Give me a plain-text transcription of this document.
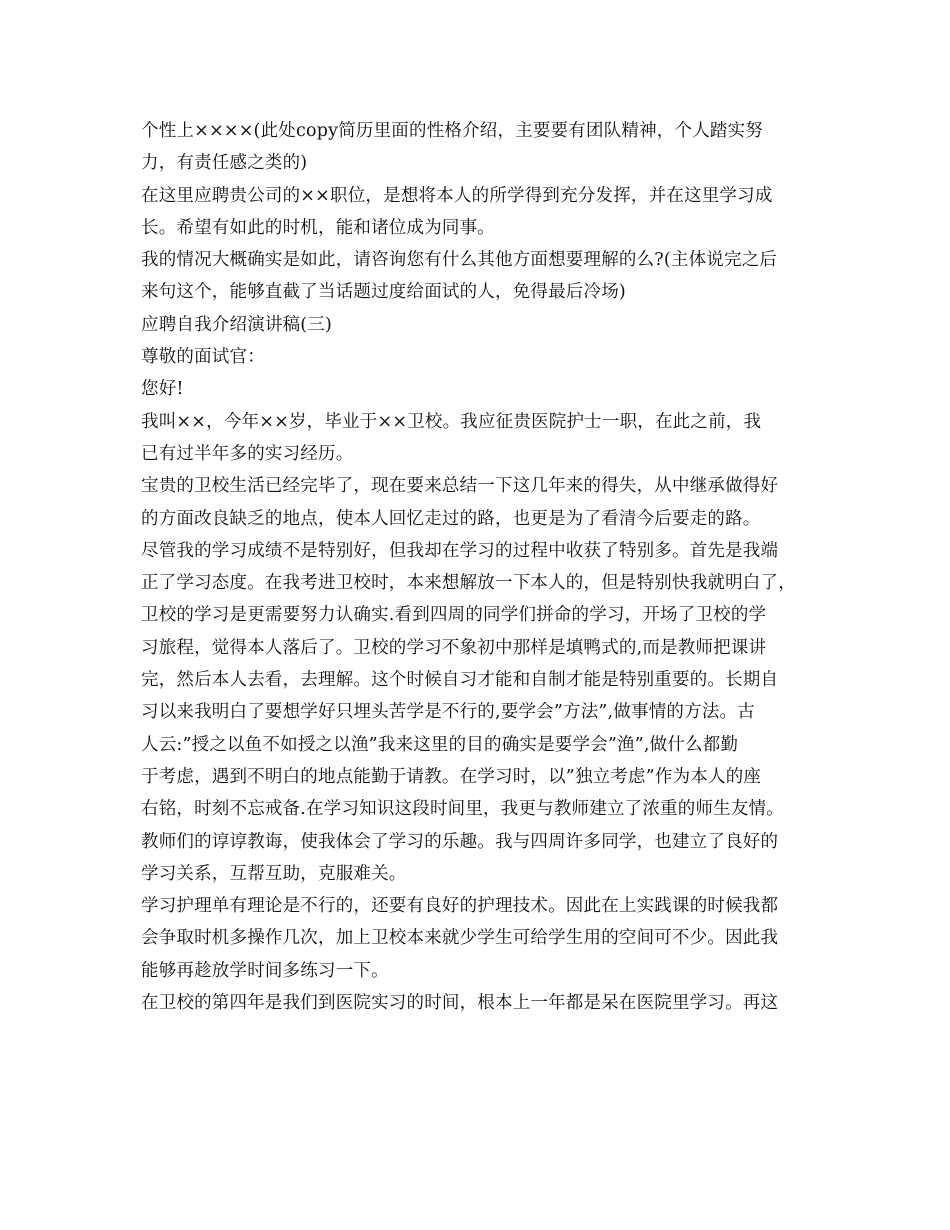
个性上××××(此处copy简历里面的性格介绍，主要要有团队精神，个人踏实努
力，有责任感之类的)
在这里应聘贵公司的××职位，是想将本人的所学得到充分发挥，并在这里学习成
长。希望有如此的时机，能和诸位成为同事。
我的情况大概确实是如此，请咨询您有什么其他方面想要理解的么?(主体说完之后
来句这个，能够直截了当话题过度给面试的人，免得最后冷场)
应聘自我介绍演讲稿(三)
尊敬的面试官：
您好!
我叫××，今年××岁，毕业于××卫校。我应征贵医院护士一职，在此之前，我
已有过半年多的实习经历。
宝贵的卫校生活已经完毕了，现在要来总结一下这几年来的得失，从中继承做得好
的方面改良缺乏的地点，使本人回忆走过的路，也更是为了看清今后要走的路。
尽管我的学习成绩不是特别好，但我却在学习的过程中收获了特别多。首先是我端
正了学习态度。在我考进卫校时，本来想解放一下本人的，但是特别快我就明白了，
卫校的学习是更需要努力认确实.看到四周的同学们拼命的学习，开场了卫校的学
习旅程，觉得本人落后了。卫校的学习不象初中那样是填鸭式的,而是教师把课讲
完，然后本人去看，去理解。这个时候自习才能和自制才能是特别重要的。长期自
习以来我明白了要想学好只埋头苦学是不行的,要学会”方法”,做事情的方法。古
人云:”授之以鱼不如授之以渔”我来这里的目的确实是要学会”渔”,做什么都勤
于考虑，遇到不明白的地点能勤于请教。在学习时，以”独立考虑”作为本人的座
右铭，时刻不忘戒备.在学习知识这段时间里，我更与教师建立了浓重的师生友情。
教师们的谆谆教诲，使我体会了学习的乐趣。我与四周许多同学，也建立了良好的
学习关系，互帮互助，克服难关。
学习护理单有理论是不行的，还要有良好的护理技术。因此在上实践课的时候我都
会争取时机多操作几次，加上卫校本来就少学生可给学生用的空间可不少。因此我
能够再趁放学时间多练习一下。
在卫校的第四年是我们到医院实习的时间，根本上一年都是呆在医院里学习。再这
